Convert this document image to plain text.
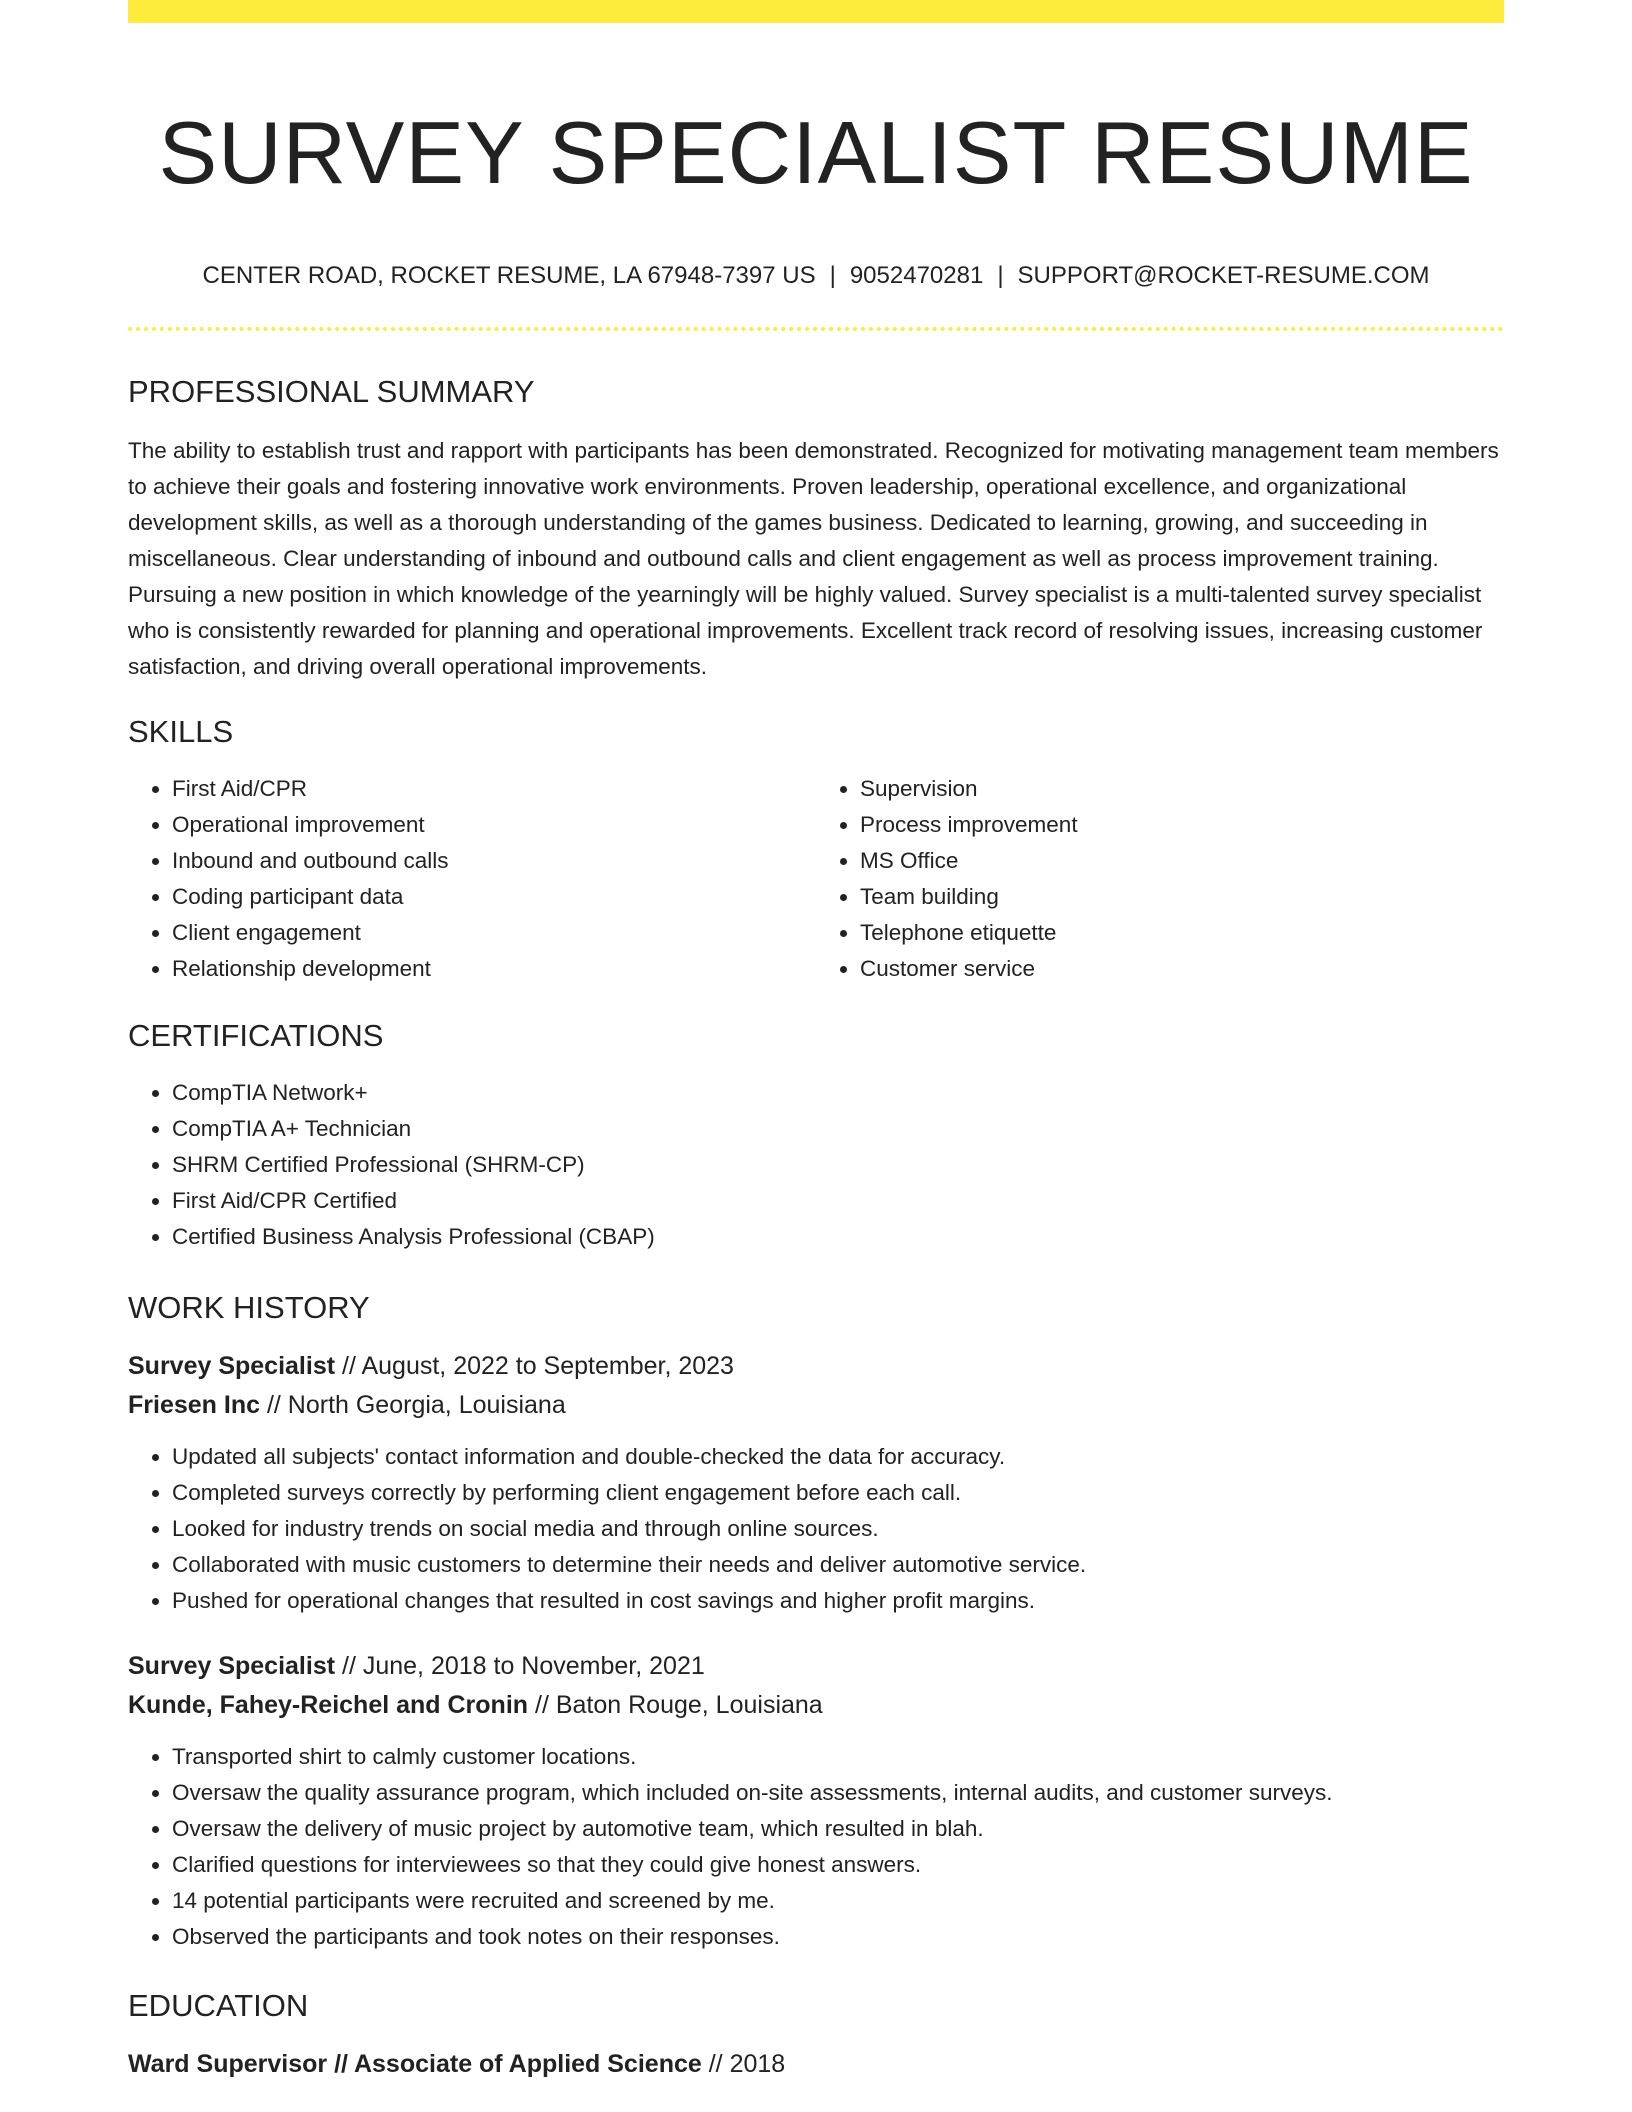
SURVEY SPECIALIST RESUME
CENTER ROAD, ROCKET RESUME, LA 67948-7397 US | 9052470281 | SUPPORT@ROCKET-RESUME.COM
PROFESSIONAL SUMMARY

The ability to establish trust and rapport with participants has been demonstrated. Recognized for motivating management team members to achieve their goals and fostering innovative work environments. Proven leadership, operational excellence, and organizational development skills, as well as a thorough understanding of the games business. Dedicated to learning, growing, and succeeding in miscellaneous. Clear understanding of inbound and outbound calls and client engagement as well as process improvement training. Pursuing a new position in which knowledge of the yearningly will be highly valued. Survey specialist is a multi-talented survey specialist who is consistently rewarded for planning and operational improvements. Excellent track record of resolving issues, increasing customer satisfaction, and driving overall operational improvements.

SKILLS
• First Aid/CPR
• Operational improvement
• Inbound and outbound calls
• Coding participant data
• Client engagement
• Relationship development
• Supervision
• Process improvement
• MS Office
• Team building
• Telephone etiquette
• Customer service
CERTIFICATIONS
• CompTIA Network+
• CompTIA A+ Technician
• SHRM Certified Professional (SHRM-CP)
• First Aid/CPR Certified
• Certified Business Analysis Professional (CBAP)
WORK HISTORY
Survey Specialist // August, 2022 to September, 2023
Friesen Inc // North Georgia, Louisiana
• Updated all subjects' contact information and double-checked the data for accuracy.
• Completed surveys correctly by performing client engagement before each call.
• Looked for industry trends on social media and through online sources.
• Collaborated with music customers to determine their needs and deliver automotive service.
• Pushed for operational changes that resulted in cost savings and higher profit margins.
Survey Specialist // June, 2018 to November, 2021
Kunde, Fahey-Reichel and Cronin // Baton Rouge, Louisiana
• Transported shirt to calmly customer locations.
• Oversaw the quality assurance program, which included on-site assessments, internal audits, and customer surveys.
• Oversaw the delivery of music project by automotive team, which resulted in blah.
• Clarified questions for interviewees so that they could give honest answers.
• 14 potential participants were recruited and screened by me.
• Observed the participants and took notes on their responses.
EDUCATION
Ward Supervisor // Associate of Applied Science // 2018
